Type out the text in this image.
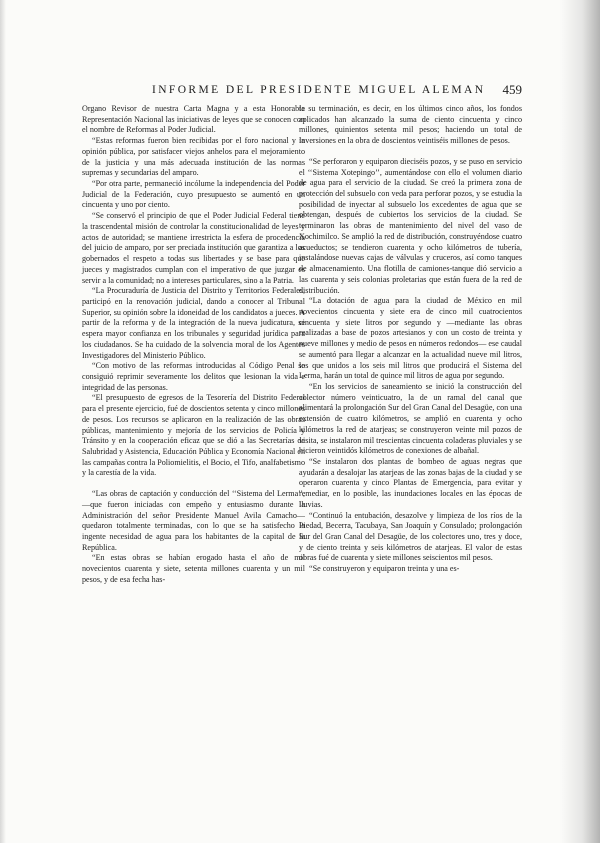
INFORME DEL PRESIDENTE MIGUEL ALEMAN 459

Organo Revisor de nuestra Carta Magna y a esta Honorable Representación Nacional las iniciativas de leyes que se conocen con el nombre de Reformas al Poder Judicial.

“Estas reformas fueron bien recibidas por el foro nacional y la opinión pública, por satisfacer viejos anhelos para el mejoramiento de la justicia y una más adecuada institución de las normas supremas y secundarias del amparo.

“Por otra parte, permaneció incólume la independencia del Poder Judicial de la Federación, cuyo presupuesto se aumentó en un cincuenta y uno por ciento.

“Se conservó el principio de que el Poder Judicial Federal tiene la trascendental misión de controlar la constitucionalidad de leyes y actos de autoridad; se mantiene irrestricta la esfera de procedencia del juicio de amparo, por ser preciada institución que garantiza a los gobernados el respeto a todas sus libertades y se base para que jueces y magistrados cumplan con el imperativo de que juzgar es servir a la comunidad; no a intereses particulares, sino a la Patria.

“La Procuraduría de Justicia del Distrito y Territorios Federales, participó en la renovación judicial, dando a conocer al Tribunal Superior, su opinión sobre la idoneidad de los candidatos a jueces. A partir de la reforma y de la integración de la nueva judicatura, se espera mayor confianza en los tribunales y seguridad jurídica para los ciudadanos. Se ha cuidado de la solvencia moral de los Agentes Investigadores del Ministerio Público.

“Con motivo de las reformas introducidas al Código Penal se consiguió reprimir severamente los delitos que lesionan la vida e integridad de las personas.

“El presupuesto de egresos de la Tesorería del Distrito Federal para el presente ejercicio, fué de doscientos setenta y cinco millones de pesos. Los recursos se aplicaron en la realización de las obras públicas, mantenimiento y mejoría de los servicios de Policía y Tránsito y en la cooperación eficaz que se dió a las Secretarías de Salubridad y Asistencia, Educación Pública y Economía Nacional en las campañas contra la Poliomielitis, el Bocio, el Tifo, analfabetismo y la carestía de la vida.

“Las obras de captación y conducción del ‘‘Sistema del Lerma’’, —que fueron iniciadas con empeño y entusiasmo durante la Administración del señor Presidente Manuel Avila Camacho— quedaron totalmente terminadas, con lo que se ha satisfecho la ingente necesidad de agua para los habitantes de la capital de la República.

“En estas obras se habían erogado hasta el año de mil novecientos cuarenta y siete, setenta millones cuarenta y un mil pesos, y de esa fecha has-

ta su terminación, es decir, en los últimos cinco años, los fondos aplicados han alcanzado la suma de ciento cincuenta y cinco millones, quinientos setenta mil pesos; haciendo un total de inversiones en la obra de doscientos veintiséis millones de pesos.

“Se perforaron y equiparon dieciséis pozos, y se puso en servicio el ‘‘Sistema Xotepingo’’, aumentándose con ello el volumen diario de agua para el servicio de la ciudad. Se creó la primera zona de protección del subsuelo con veda para perforar pozos, y se estudia la posibilidad de inyectar al subsuelo los excedentes de agua que se obtengan, después de cubiertos los servicios de la ciudad. Se terminaron las obras de mantenimiento del nivel del vaso de Xochimilco. Se amplió la red de distribución, construyéndose cuatro acueductos; se tendieron cuarenta y ocho kilómetros de tubería, instalándose nuevas cajas de válvulas y cruceros, así como tanques de almacenamiento. Una flotilla de camiones-tanque dió servicio a las cuarenta y seis colonias proletarias que están fuera de la red de distribución.

“La dotación de agua para la ciudad de México en mil novecientos cincuenta y siete era de cinco mil cuatrocientos cincuenta y siete litros por segundo y —mediante las obras realizadas a base de pozos artesianos y con un costo de treinta y nueve millones y medio de pesos en números redondos— ese caudal se aumentó para llegar a alcanzar en la actualidad nueve mil litros, los que unidos a los seis mil litros que producirá el Sistema del Lerma, harán un total de quince mil litros de agua por segundo.

“En los servicios de saneamiento se inició la construcción del colector número veinticuatro, la de un ramal del canal que alimentará la prolongación Sur del Gran Canal del Desagüe, con una extensión de cuatro kilómetros, se amplió en cuarenta y ocho kilómetros la red de atarjeas; se construyeron veinte mil pozos de visita, se instalaron mil trescientas cincuenta coladeras pluviales y se hicieron veintidós kilómetros de conexiones de albañal.

“Se instalaron dos plantas de bombeo de aguas negras que ayudarán a desalojar las atarjeas de las zonas bajas de la ciudad y se operaron cuarenta y cinco Plantas de Emergencia, para evitar y remediar, en lo posible, las inundaciones locales en las épocas de lluvias.

“Continuó la entubación, desazolve y limpieza de los ríos de la Piedad, Becerra, Tacubaya, San Joaquín y Consulado; prolongación Sur del Gran Canal del Desagüe, de los colectores uno, tres y doce, y de ciento treinta y seis kilómetros de atarjeas. El valor de estas obras fué de cuarenta y siete millones seiscientos mil pesos.

“Se construyeron y equiparon treinta y una es-
